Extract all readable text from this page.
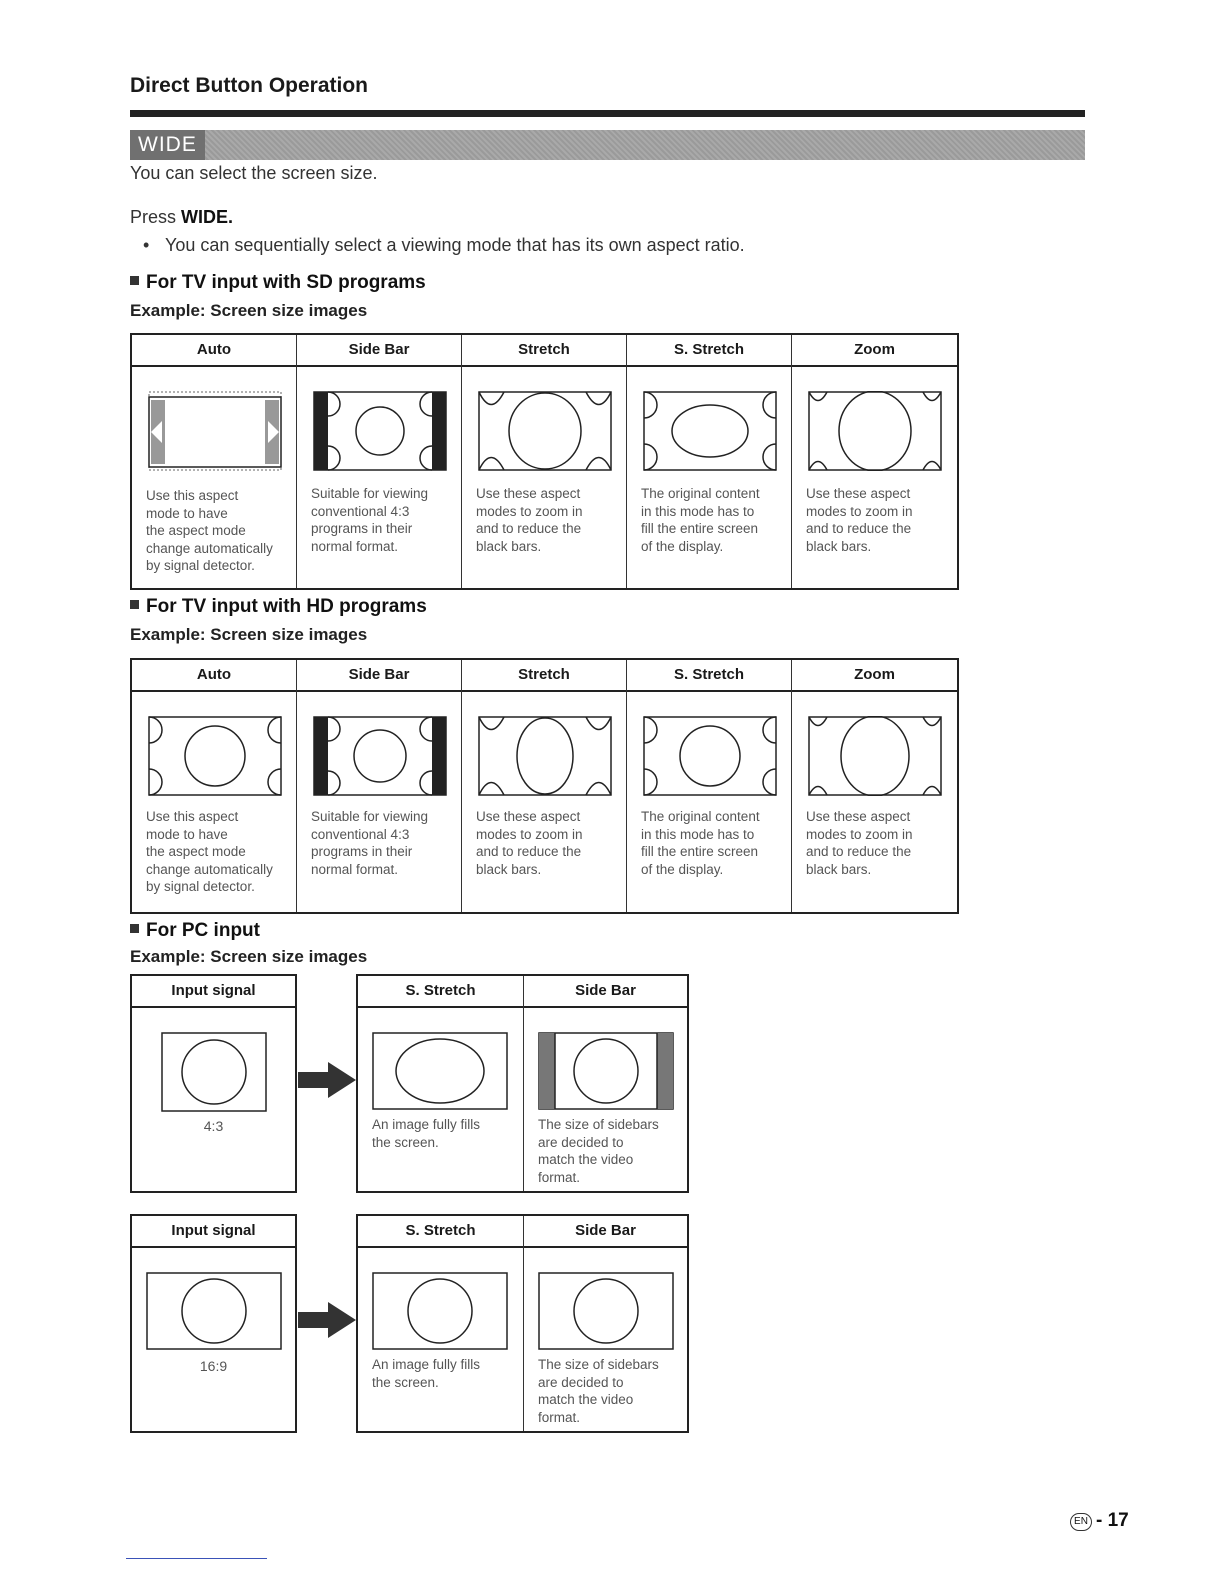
Direct Button Operation
WIDE
You can select the screen size.
Press WIDE.
• You can sequentially select a viewing mode that has its own aspect ratio.
For TV input with SD programs
Example: Screen size images
Auto
Use this aspect
mode to have
the aspect mode
change automatically
by signal detector.
Side Bar
Suitable for viewing
conventional 4:3
programs in their
normal format.
Stretch
Use these aspect
modes to zoom in
and to reduce the
black bars.
S. Stretch
The original content
in this mode has to
fill the entire screen
of the display.
Zoom
Use these aspect
modes to zoom in
and to reduce the
black bars.
For TV input with HD programs
Example: Screen size images
Auto
Use this aspect
mode to have
the aspect mode
change automatically
by signal detector.
Side Bar
Suitable for viewing
conventional 4:3
programs in their
normal format.
Stretch
Use these aspect
modes to zoom in
and to reduce the
black bars.
S. Stretch
The original content
in this mode has to
fill the entire screen
of the display.
Zoom
Use these aspect
modes to zoom in
and to reduce the
black bars.
For PC input
Example: Screen size images
Input signal
4:3
S. Stretch
An image fully fills
the screen.
Side Bar
The size of sidebars
are decided to
match the video
format.
Input signal
16:9
S. Stretch
An image fully fills
the screen.
Side Bar
The size of sidebars
are decided to
match the video
format.
EN - 17
